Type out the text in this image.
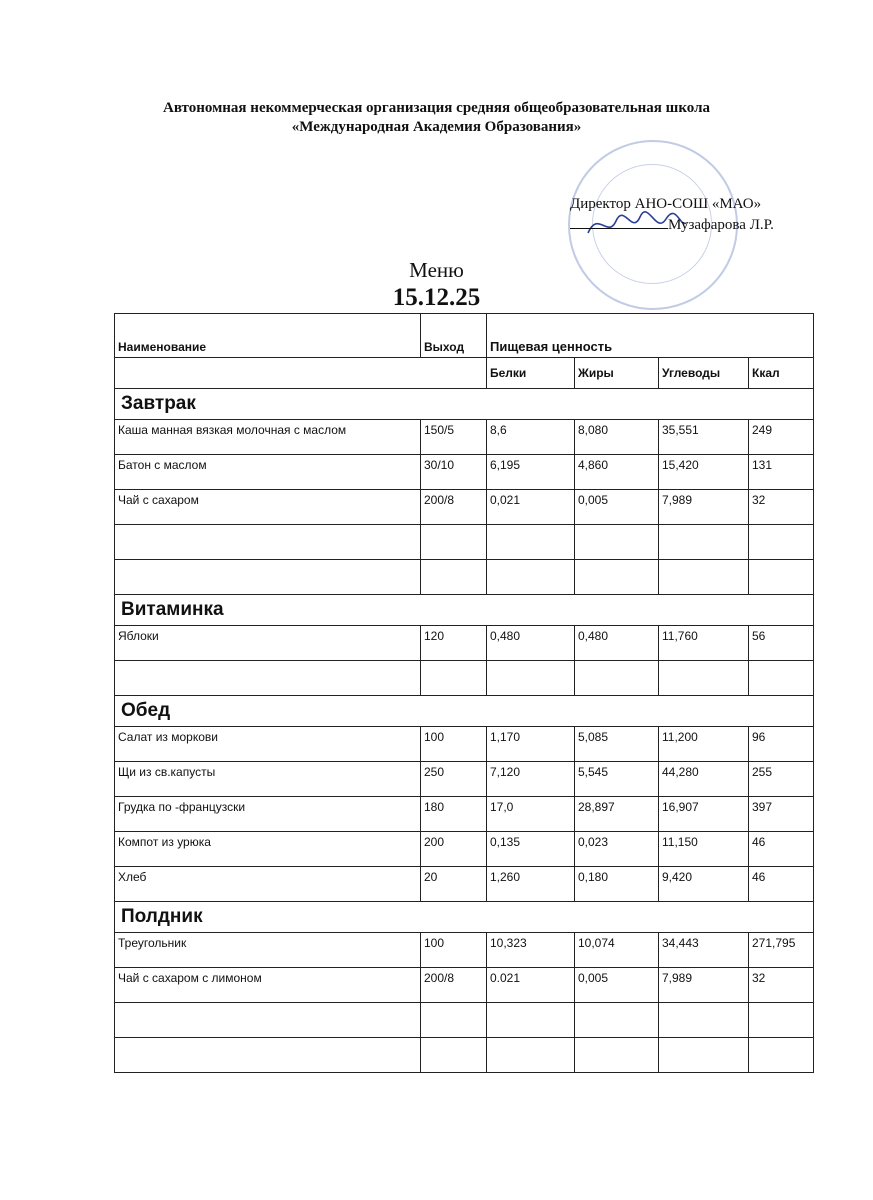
Автономная некоммерческая организация средняя общеобразовательная школа
«Международная Академия Образования»
Директор АНО-СОШ «МАО»
Музафарова Л.Р.
Меню
15.12.25
Наименование	Выход	Пищевая ценность			
		Белки	Жиры	Углеводы	Ккал
Завтрак					
Каша манная вязкая молочная с маслом	150/5	8,6	8,080	35,551	249
Батон с маслом	30/10	6,195	4,860	15,420	131
Чай с сахаром	200/8	0,021	0,005	7,989	32

Витаминка					
Яблоки	120	0,480	0,480	11,760	56

Обед					
Салат из моркови	100	1,170	5,085	11,200	96
Щи из св.капусты	250	7,120	5,545	44,280	255
Грудка по -французски	180	17,0	28,897	16,907	397
Компот из урюка	200	0,135	0,023	11,150	46
Хлеб	20	1,260	0,180	9,420	46
Полдник					
Треугольник	100	10,323	10,074	34,443	271,795
Чай с сахаром с лимоном	200/8	0.021	0,005	7,989	32
